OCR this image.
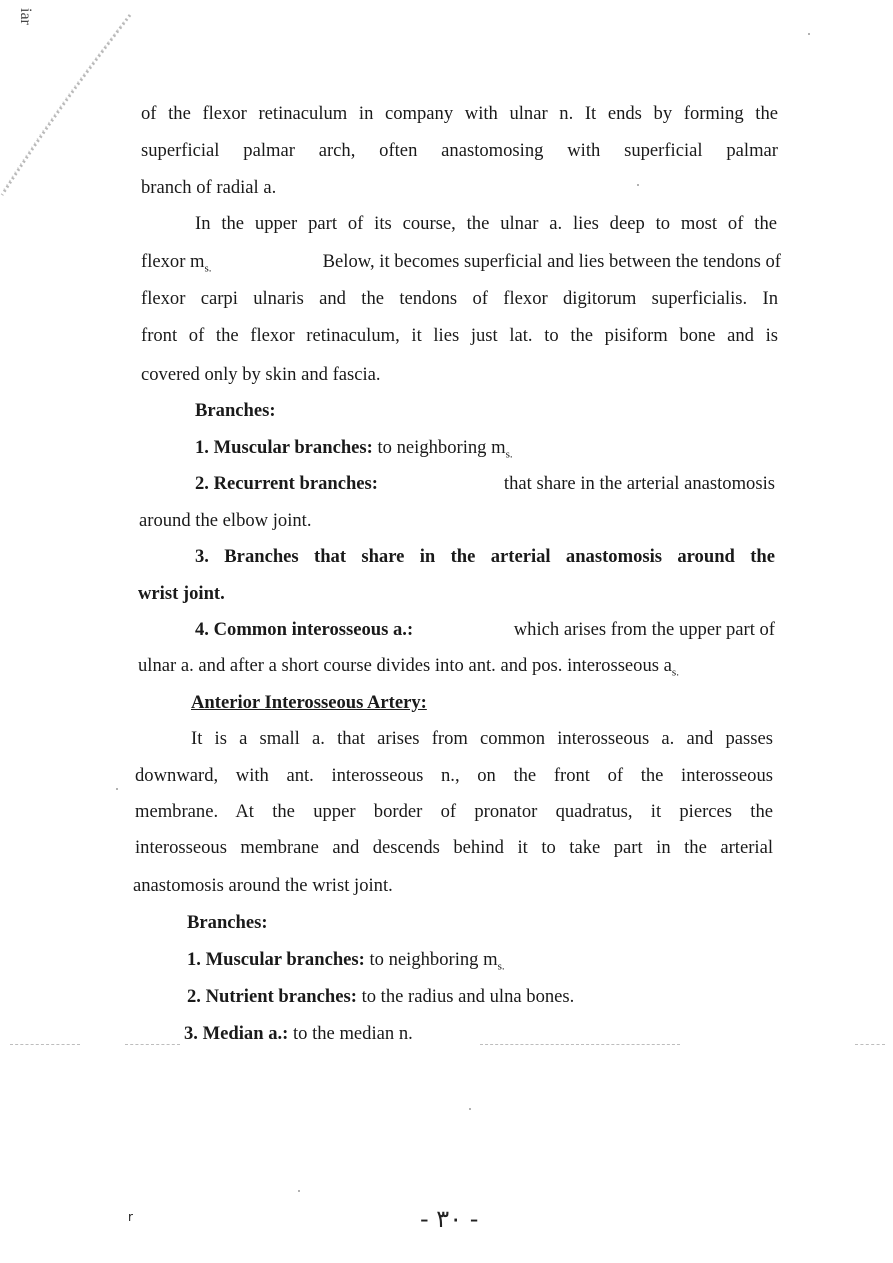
iar
of the flexor retinaculum in company with ulnar n. It ends by forming the
superficial palmar arch, often anastomosing with superficial palmar
branch of radial a.
In the upper part of its course, the ulnar a. lies deep to most of the
flexor $m_{s.}$	Below, it becomes superficial and lies between the tendons of
flexor carpi ulnaris and the tendons of flexor digitorum superficialis. In
front of the flexor retinaculum, it lies just lat. to the pisiform bone and is
covered only by skin and fascia.
Branches:
1. Muscular branches: to neighboring $m_{s.}$
2. Recurrent branches:	that share in the arterial anastomosis
around the elbow joint.
3. Branches that share in the arterial anastomosis around the
wrist joint.
4. Common interosseous a.:	which arises from the upper part of
ulnar a. and after a short course divides into ant. and pos. interosseous $a_{s.}$
Anterior Interosseous Artery:
It is a small a. that arises from common interosseous a. and passes
downward, with ant. interosseous n., on the front of the interosseous
membrane. At the upper border of pronator quadratus, it pierces the
interosseous membrane and descends behind it to take part in the arterial
anastomosis around the wrist joint.
Branches:
1. Muscular branches: to neighboring $m_{s.}$
2. Nutrient branches: to the radius and ulna bones.
3. Median a.: to the median n.
r	- ٣٠ -
